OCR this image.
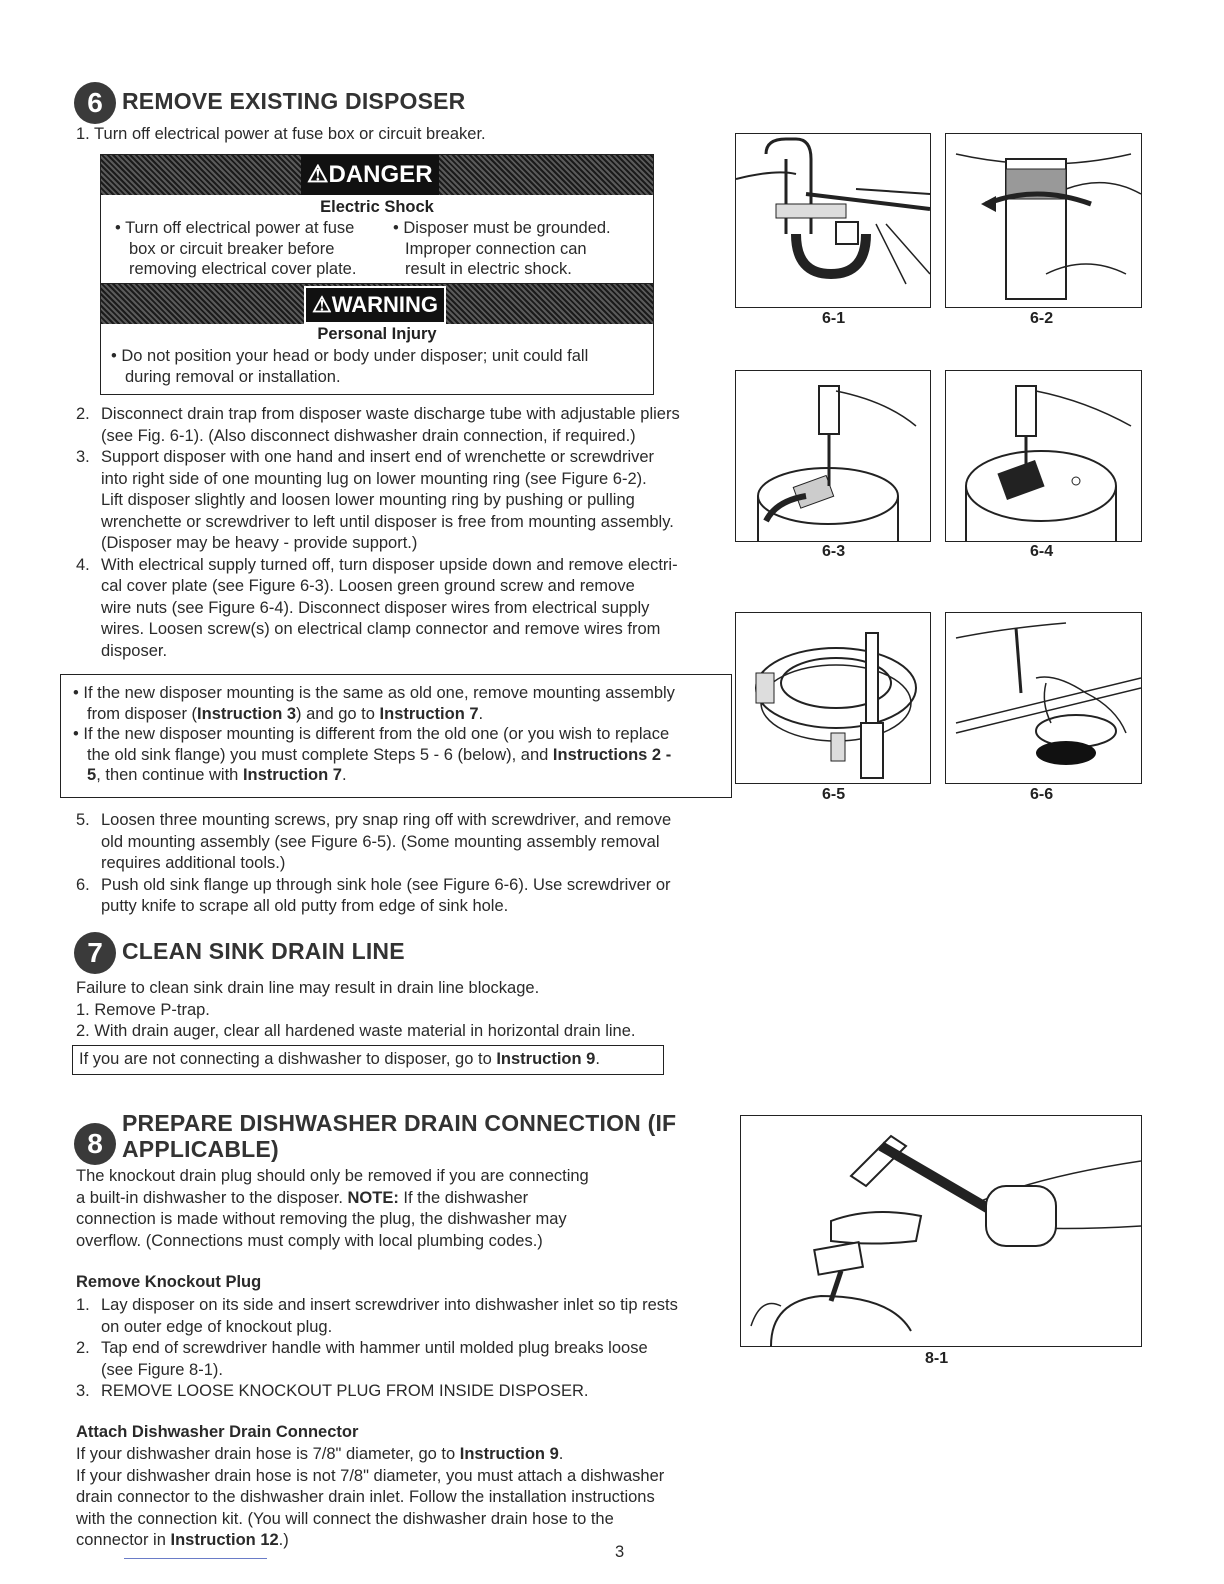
6 REMOVE EXISTING DISPOSER
1. Turn off electrical power at fuse box or circuit breaker.
⚠DANGER
Electric Shock
• Turn off electrical power at fuse
box or circuit breaker before
removing electrical cover plate.
• Disposer must be grounded.
Improper connection can
result in electric shock.
⚠WARNING
Personal Injury
• Do not position your head or body under disposer; unit could fall
during removal or installation.
2. Disconnect drain trap from disposer waste discharge tube with adjustable pliers
(see Fig. 6-1). (Also disconnect dishwasher drain connection, if required.)
3. Support disposer with one hand and insert end of wrenchette or screwdriver
into right side of one mounting lug on lower mounting ring (see Figure 6-2).
Lift disposer slightly and loosen lower mounting ring by pushing or pulling
wrenchette or screwdriver to left until disposer is free from mounting assembly.
(Disposer may be heavy - provide support.)
4. With electrical supply turned off, turn disposer upside down and remove electri-
cal cover plate (see Figure 6-3). Loosen green ground screw and remove
wire nuts (see Figure 6-4). Disconnect disposer wires from electrical supply
wires. Loosen screw(s) on electrical clamp connector and remove wires from
disposer.
• If the new disposer mounting is the same as old one, remove mounting assembly
from disposer (Instruction 3) and go to Instruction 7.
• If the new disposer mounting is different from the old one (or you wish to replace
the old sink flange) you must complete Steps 5 - 6 (below), and Instructions 2 -
5, then continue with Instruction 7.
5. Loosen three mounting screws, pry snap ring off with screwdriver, and remove
old mounting assembly (see Figure 6-5). (Some mounting assembly removal
requires additional tools.)
6. Push old sink flange up through sink hole (see Figure 6-6). Use screwdriver or
putty knife to scrape all old putty from edge of sink hole.
6-1	6-2
6-3	6-4
6-5	6-6
7 CLEAN SINK DRAIN LINE
Failure to clean sink drain line may result in drain line blockage.
1. Remove P-trap.
2. With drain auger, clear all hardened waste material in horizontal drain line.
If you are not connecting a dishwasher to disposer, go to Instruction 9.
8
PREPARE DISHWASHER DRAIN CONNECTION (IF
APPLICABLE)
The knockout drain plug should only be removed if you are connecting
a built-in dishwasher to the disposer. NOTE: If the dishwasher
connection is made without removing the plug, the dishwasher may
overflow. (Connections must comply with local plumbing codes.)
Remove Knockout Plug
1. Lay disposer on its side and insert screwdriver into dishwasher inlet so tip rests
on outer edge of knockout plug.
2. Tap end of screwdriver handle with hammer until molded plug breaks loose
(see Figure 8-1).
3. REMOVE LOOSE KNOCKOUT PLUG FROM INSIDE DISPOSER.
Attach Dishwasher Drain Connector
If your dishwasher drain hose is 7/8" diameter, go to Instruction 9.
If your dishwasher drain hose is not 7/8" diameter, you must attach a dishwasher
drain connector to the dishwasher drain inlet. Follow the installation instructions
with the connection kit. (You will connect the dishwasher drain hose to the
connector in Instruction 12.)
8-1
3
